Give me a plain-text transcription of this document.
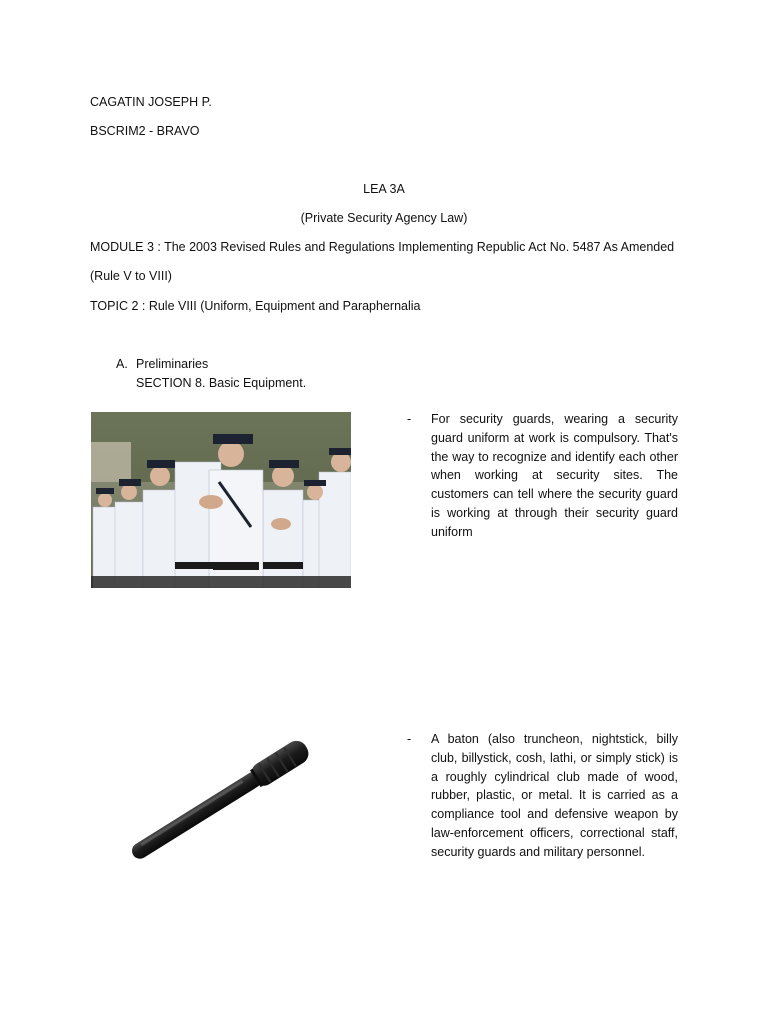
CAGATIN JOSEPH P.
BSCRIM2 - BRAVO
LEA 3A
(Private Security Agency Law)
MODULE 3 : The 2003 Revised Rules and Regulations Implementing Republic Act No. 5487 As Amended
(Rule V to VIII)
TOPIC 2 : Rule VIII (Uniform, Equipment and Paraphernalia
A. Preliminaries
SECTION 8. Basic Equipment.
- For security guards, wearing a security guard uniform at work is compulsory. That's the way to recognize and identify each other when working at security sites. The customers can tell where the security guard is working at through their security guard uniform
- A baton (also truncheon, nightstick, billy club, billystick, cosh, lathi, or simply stick) is a roughly cylindrical club made of wood, rubber, plastic, or metal. It is carried as a compliance tool and defensive weapon by law-enforcement officers, correctional staff, security guards and military personnel.
